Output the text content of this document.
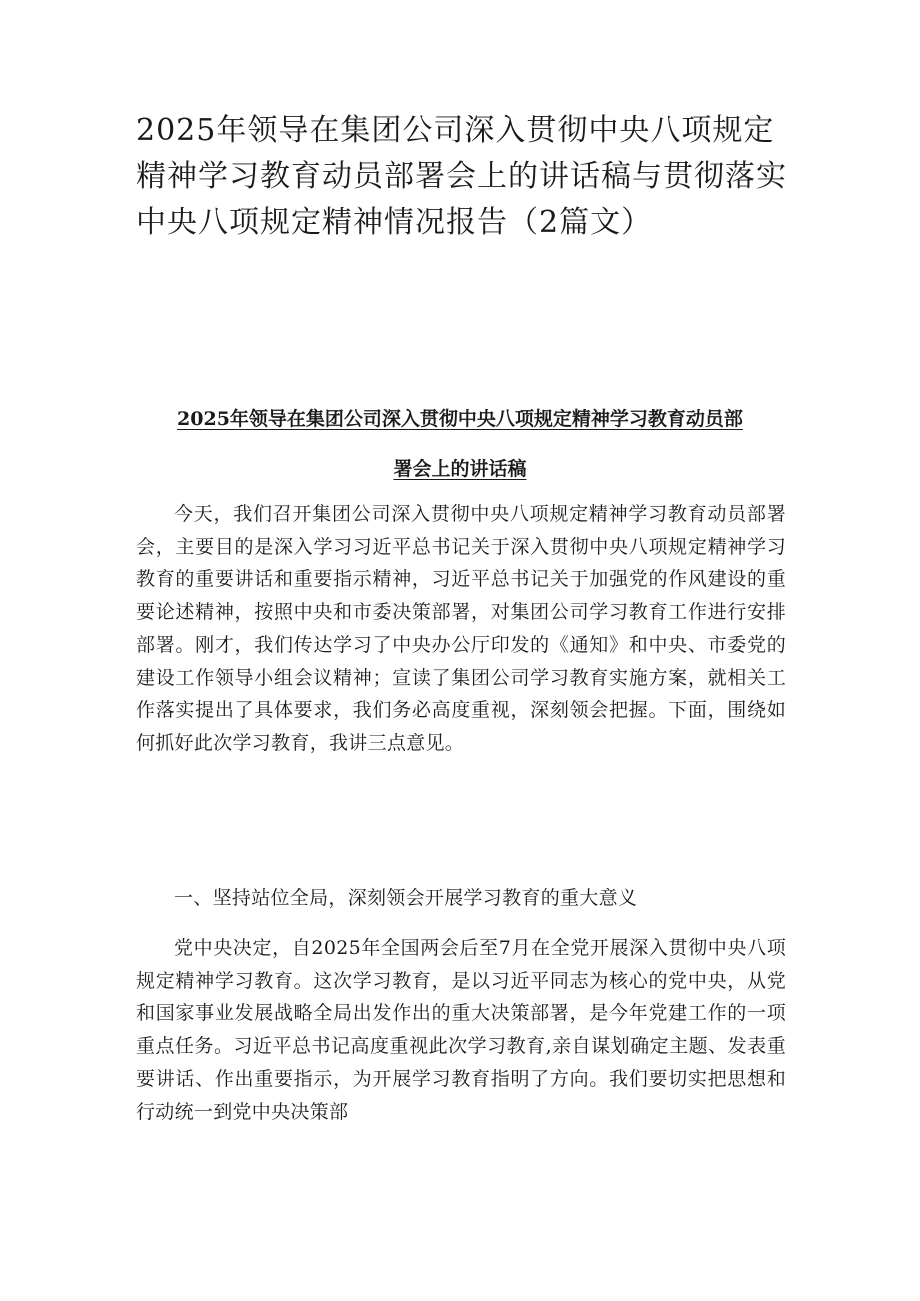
2025年领导在集团公司深入贯彻中央八项规定精神学习教育动员部署会上的讲话稿与贯彻落实中央八项规定精神情况报告（2篇文）
2025年领导在集团公司深入贯彻中央八项规定精神学习教育动员部
署会上的讲话稿

今天，我们召开集团公司深入贯彻中央八项规定精神学习教育动员部署会，主要目的是深入学习习近平总书记关于深入贯彻中央八项规定精神学习教育的重要讲话和重要指示精神，习近平总书记关于加强党的作风建设的重要论述精神，按照中央和市委决策部署，对集团公司学习教育工作进行安排部署。刚才，我们传达学习了中央办公厅印发的《通知》和中央、市委党的建设工作领导小组会议精神；宣读了集团公司学习教育实施方案，就相关工作落实提出了具体要求，我们务必高度重视，深刻领会把握。下面，围绕如何抓好此次学习教育，我讲三点意见。

一、坚持站位全局，深刻领会开展学习教育的重大意义

党中央决定，自2025年全国两会后至7月在全党开展深入贯彻中央八项规定精神学习教育。这次学习教育，是以习近平同志为核心的党中央，从党和国家事业发展战略全局出发作出的重大决策部署，是今年党建工作的一项重点任务。习近平总书记高度重视此次学习教育,亲自谋划确定主题、发表重要讲话、作出重要指示，为开展学习教育指明了方向。我们要切实把思想和行动统一到党中央决策部
